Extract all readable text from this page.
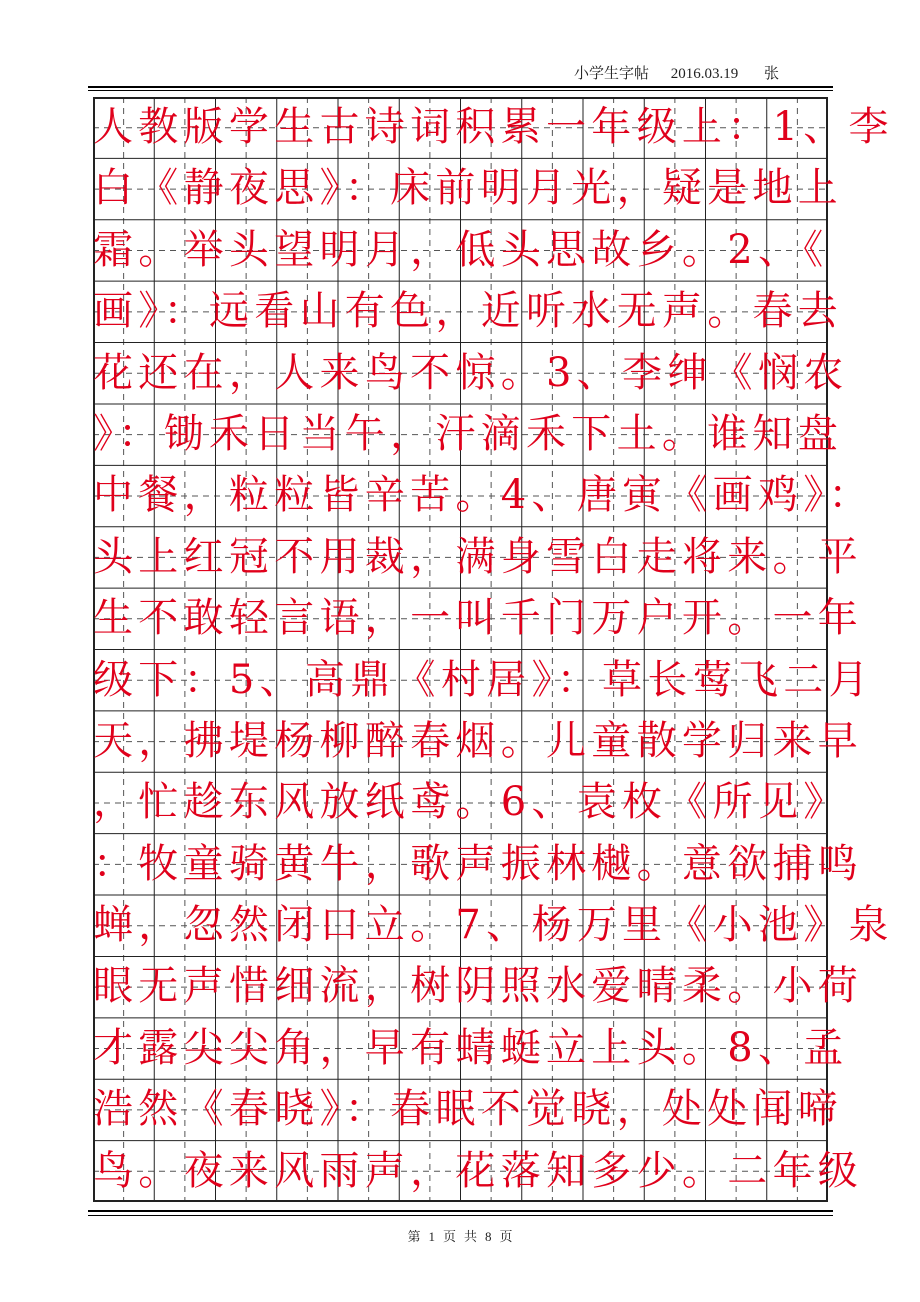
小学生字帖 2016.03.19 张
人教版学生古诗词积累一年级上：1、李
白《静夜思》：床前明月光，疑是地上
霜。举头望明月，低头思故乡。2、《
画》：远看山有色，近听水无声。春去
花还在，人来鸟不惊。3、李绅《悯农
》：锄禾日当午，汗滴禾下土。谁知盘
中餐，粒粒皆辛苦。4、唐寅《画鸡》：
头上红冠不用裁，满身雪白走将来。平
生不敢轻言语，一叫千门万户开。一年
级下：5、高鼎《村居》：草长莺飞二月
天，拂堤杨柳醉春烟。儿童散学归来早
，忙趁东风放纸鸢。6、袁枚《所见》
：牧童骑黄牛，歌声振林樾。意欲捕鸣
蝉，忽然闭口立。7、杨万里《小池》泉
眼无声惜细流，树阴照水爱晴柔。小荷
才露尖尖角，早有蜻蜓立上头。8、孟
浩然《春晓》：春眠不觉晓，处处闻啼
鸟。夜来风雨声，花落知多少。二年级
第 1 页 共 8 页
